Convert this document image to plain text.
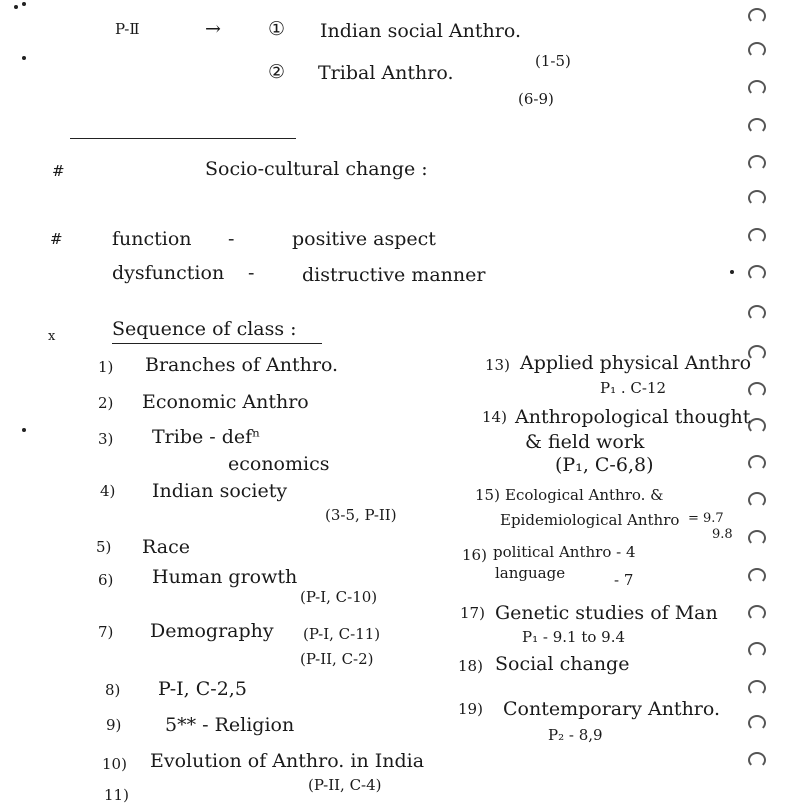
P-Ⅱ	→ ① Indian social Anthro.
② Tribal Anthro.
(1-5)
(6-9)
#	Socio-cultural change :
#	function -	positive aspect
dysfunction -	distructive manner
x	Sequence of class :
1) Branches of Anthro.
2) Economic Anthro
3) Tribe - defⁿ
economics
4) Indian society
(3-5, P-II)
5) Race
6) Human growth
(P-I, C-10)
7) Demography (P-I, C-11)
(P-II, C-2)
8) P-I, C-2,5
9) 5** - Religion
10) Evolution of Anthro. in India
(P-II, C-4)
11)
13) Applied physical Anthro
P₁ . C-12
14) Anthropological thought
& field work
(P₁, C-6,8)
15) Ecological Anthro. &
Epidemiological Anthro = 9.7
9.8
16) political Anthro - 4
language	- 7
17) Genetic studies of Man
P₁ - 9.1 to 9.4
18) Social change
19) Contemporary Anthro.
P₂ - 8,9
